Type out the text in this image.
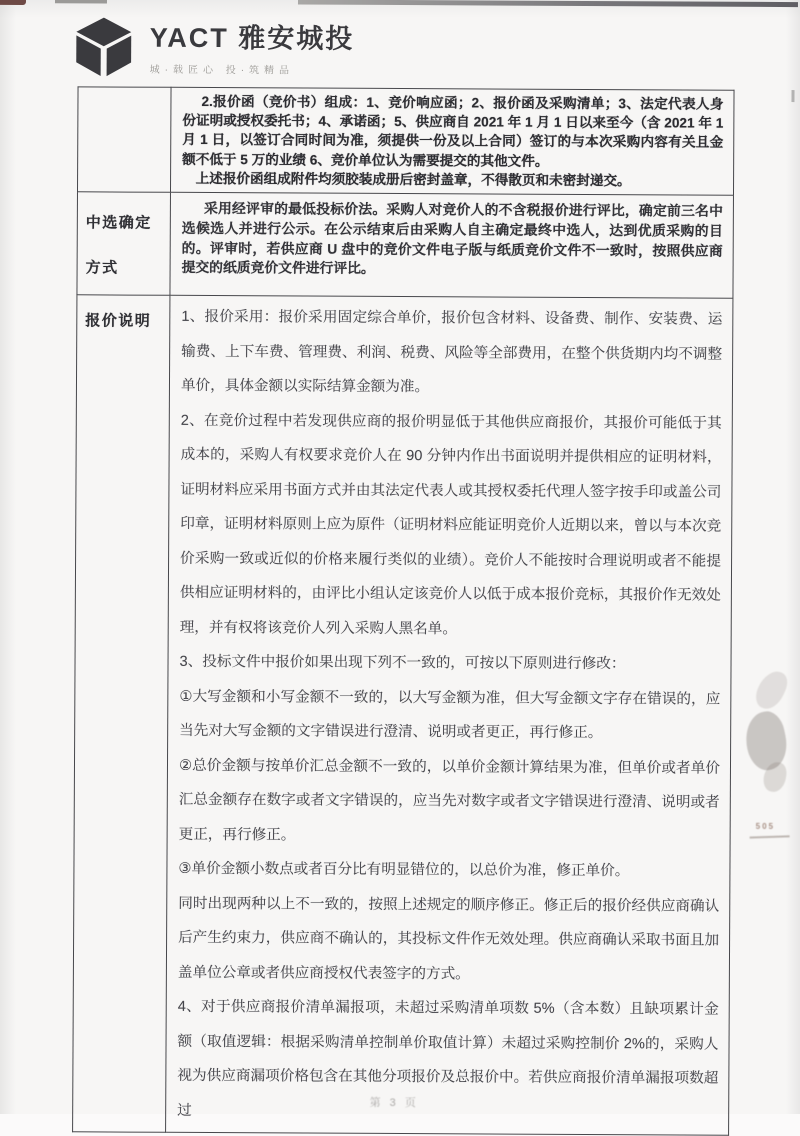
YACT 雅安城投
城·载匠心 投·筑精品

	2.报价函（竞价书）组成：1、竞价响应函；2、报价函及采购清单；3、法定代表人身份证明或授权委托书；4、承诺函；5、供应商自 2021 年 1 月 1 日以来至今（含 2021 年 1 月 1 日，以签订合同时间为准，须提供一份及以上合同）签订的与本次采购内容有关且金额不低于 5 万的业绩 6、竞价单位认为需要提交的其他文件。

上述报价函组成附件均须胶装成册后密封盖章，不得散页和未密封递交。

中选确定方式	采用经评审的最低投标价法。采购人对竞价人的不含税报价进行评比，确定前三名中选候选人并进行公示。在公示结束后由采购人自主确定最终中选人，达到优质采购的目的。评审时，若供应商 U 盘中的竞价文件电子版与纸质竞价文件不一致时，按照供应商提交的纸质竞价文件进行评比。

报价说明	1、报价采用：报价采用固定综合单价，报价包含材料、设备费、制作、安装费、运输费、上下车费、管理费、利润、税费、风险等全部费用，在整个供货期内均不调整单价，具体金额以实际结算金额为准。

2、在竞价过程中若发现供应商的报价明显低于其他供应商报价，其报价可能低于其成本的，采购人有权要求竞价人在 90 分钟内作出书面说明并提供相应的证明材料，证明材料应采用书面方式并由其法定代表人或其授权委托代理人签字按手印或盖公司印章，证明材料原则上应为原件（证明材料应能证明竞价人近期以来，曾以与本次竞价采购一致或近似的价格来履行类似的业绩）。竞价人不能按时合理说明或者不能提供相应证明材料的，由评比小组认定该竞价人以低于成本报价竞标，其报价作无效处理，并有权将该竞价人列入采购人黑名单。

3、投标文件中报价如果出现下列不一致的，可按以下原则进行修改：

①大写金额和小写金额不一致的，以大写金额为准，但大写金额文字存在错误的，应当先对大写金额的文字错误进行澄清、说明或者更正，再行修正。

②总价金额与按单价汇总金额不一致的，以单价金额计算结果为准，但单价或者单价汇总金额存在数字或者文字错误的，应当先对数字或者文字错误进行澄清、说明或者更正，再行修正。

③单价金额小数点或者百分比有明显错位的，以总价为准，修正单价。

同时出现两种以上不一致的，按照上述规定的顺序修正。修正后的报价经供应商确认后产生约束力，供应商不确认的，其投标文件作无效处理。供应商确认采取书面且加盖单位公章或者供应商授权代表签字的方式。

4、对于供应商报价清单漏报项，未超过采购清单项数 5%（含本数）且缺项累计金额（取值逻辑：根据采购清单控制单价取值计算）未超过采购控制价 2%的，采购人视为供应商漏项价格包含在其他分项报价及总报价中。若供应商报价清单漏报项数超过

505
第 3 页
